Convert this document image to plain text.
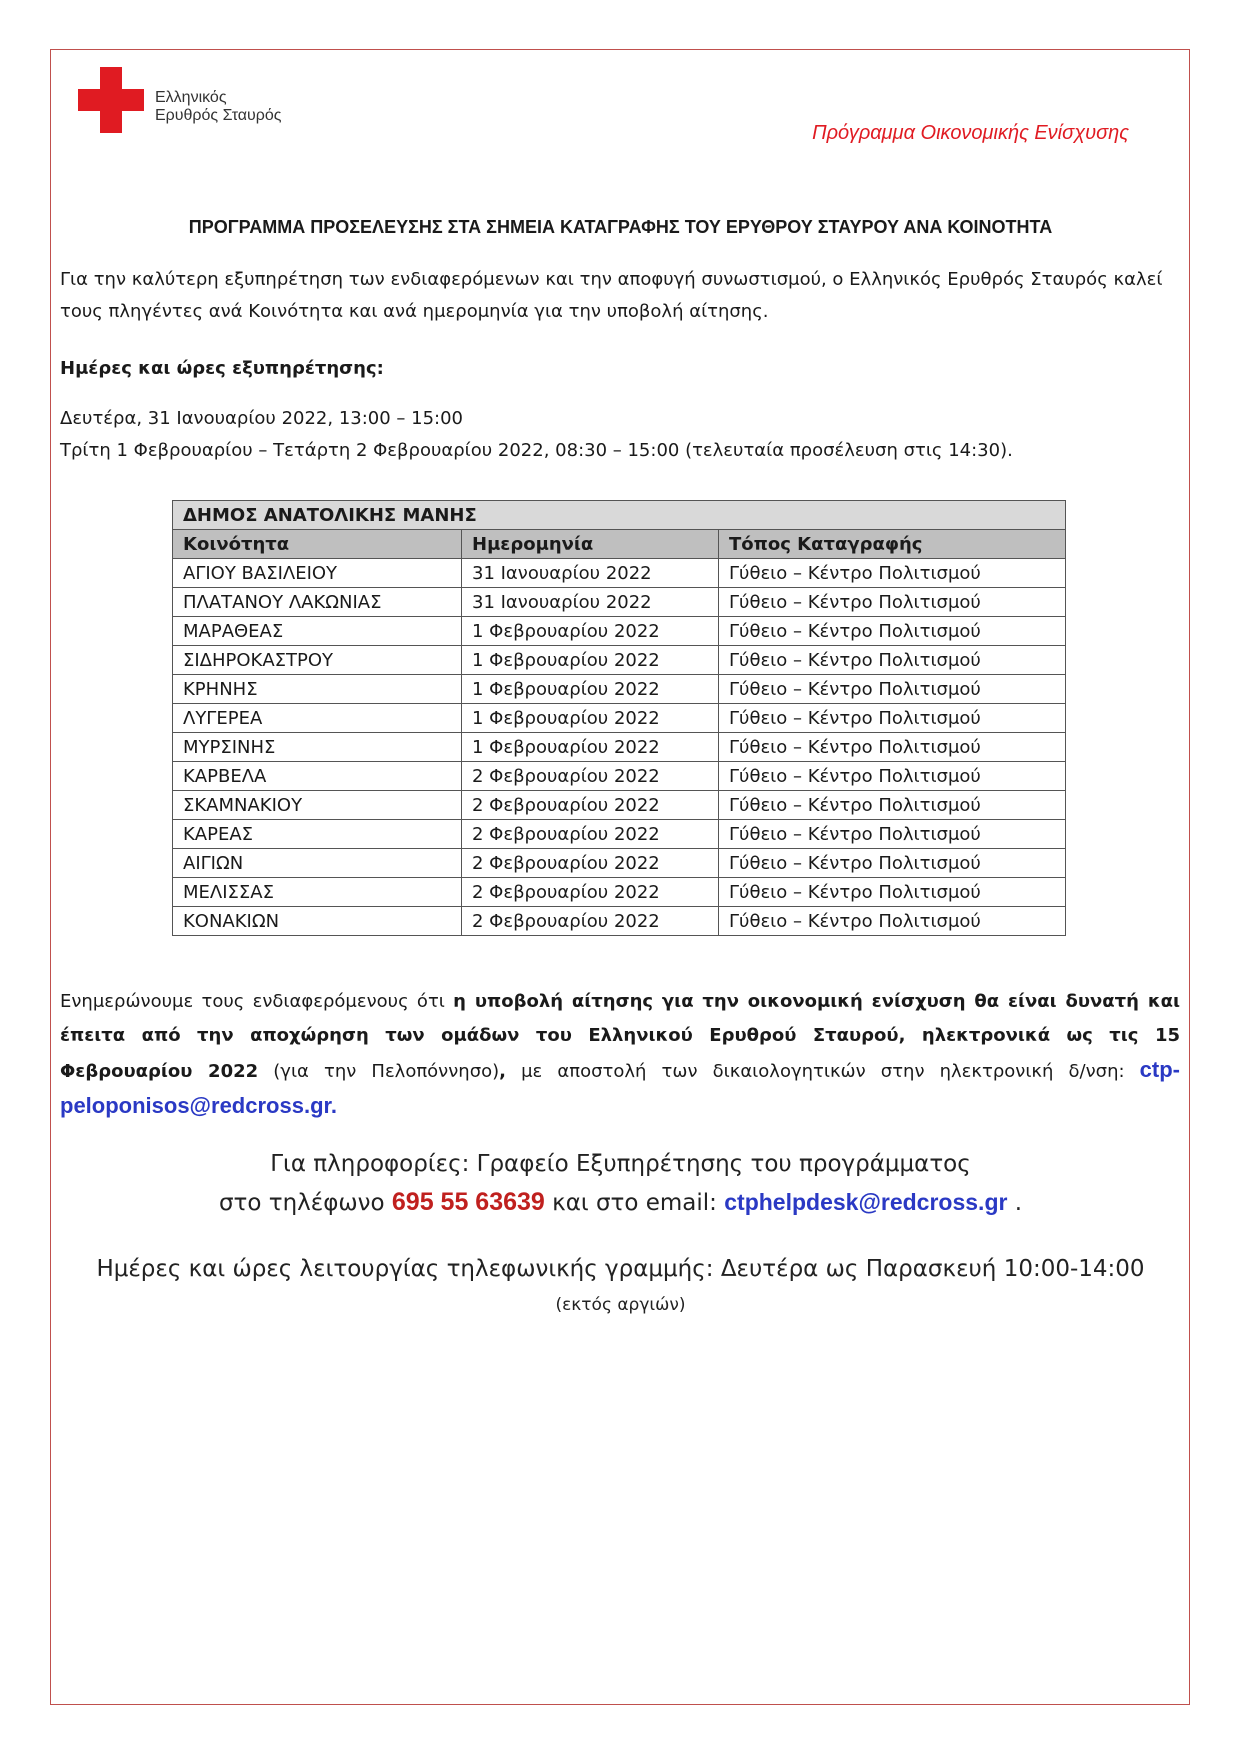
Ελληνικός
Ερυθρός Σταυρός
Πρόγραμμα Οικονομικής Ενίσχυσης
ΠΡΟΓΡΑΜΜΑ ΠΡΟΣΕΛΕΥΣΗΣ ΣΤΑ ΣΗΜΕΙΑ ΚΑΤΑΓΡΑΦΗΣ ΤΟΥ ΕΡΥΘΡΟΥ ΣΤΑΥΡΟΥ ΑΝΑ ΚΟΙΝΟΤΗΤΑ
Για την καλύτερη εξυπηρέτηση των ενδιαφερόμενων και την αποφυγή συνωστισμού, ο Ελληνικός Ερυθρός Σταυρός καλεί τους πληγέντες ανά Κοινότητα και ανά ημερομηνία για την υποβολή αίτησης.
Ημέρες και ώρες εξυπηρέτησης:

Δευτέρα, 31 Ιανουαρίου 2022, 13:00 – 15:00

Τρίτη 1 Φεβρουαρίου – Τετάρτη 2 Φεβρουαρίου 2022, 08:30 – 15:00 (τελευταία προσέλευση στις 14:30).

ΔΗΜΟΣ ΑΝΑΤΟΛΙΚΗΣ ΜΑΝΗΣ		
Κοινότητα	Ημερομηνία	Τόπος Καταγραφής
ΑΓΙΟΥ ΒΑΣΙΛΕΙΟΥ	31 Ιανουαρίου 2022	Γύθειο – Κέντρο Πολιτισμού
ΠΛΑΤΑΝΟΥ ΛΑΚΩΝΙΑΣ	31 Ιανουαρίου 2022	Γύθειο – Κέντρο Πολιτισμού
ΜΑΡΑΘΕΑΣ	1 Φεβρουαρίου 2022	Γύθειο – Κέντρο Πολιτισμού
ΣΙΔΗΡΟΚΑΣΤΡΟΥ	1 Φεβρουαρίου 2022	Γύθειο – Κέντρο Πολιτισμού
ΚΡΗΝΗΣ	1 Φεβρουαρίου 2022	Γύθειο – Κέντρο Πολιτισμού
ΛΥΓΕΡΕΑ	1 Φεβρουαρίου 2022	Γύθειο – Κέντρο Πολιτισμού
ΜΥΡΣΙΝΗΣ	1 Φεβρουαρίου 2022	Γύθειο – Κέντρο Πολιτισμού
ΚΑΡΒΕΛΑ	2 Φεβρουαρίου 2022	Γύθειο – Κέντρο Πολιτισμού
ΣΚΑΜΝΑΚΙΟΥ	2 Φεβρουαρίου 2022	Γύθειο – Κέντρο Πολιτισμού
ΚΑΡΕΑΣ	2 Φεβρουαρίου 2022	Γύθειο – Κέντρο Πολιτισμού
ΑΙΓΙΩΝ	2 Φεβρουαρίου 2022	Γύθειο – Κέντρο Πολιτισμού
ΜΕΛΙΣΣΑΣ	2 Φεβρουαρίου 2022	Γύθειο – Κέντρο Πολιτισμού
ΚΟΝΑΚΙΩΝ	2 Φεβρουαρίου 2022	Γύθειο – Κέντρο Πολιτισμού
Ενημερώνουμε τους ενδιαφερόμενους ότι η υποβολή αίτησης για την οικονομική ενίσχυση θα είναι δυνατή και έπειτα από την αποχώρηση των ομάδων του Ελληνικού Ερυθρού Σταυρού, ηλεκτρονικά ως τις 15 Φεβρουαρίου 2022 (για την Πελοπόννησο), με αποστολή των δικαιολογητικών στην ηλεκτρονική δ/νση: ctp-peloponisos@redcross.gr.
Για πληροφορίες: Γραφείο Εξυπηρέτησης του προγράμματος
στο τηλέφωνο 695 55 63639 και στο email: ctphelpdesk@redcross.gr .
Ημέρες και ώρες λειτουργίας τηλεφωνικής γραμμής: Δευτέρα ως Παρασκευή 10:00-14:00
(εκτός αργιών)
